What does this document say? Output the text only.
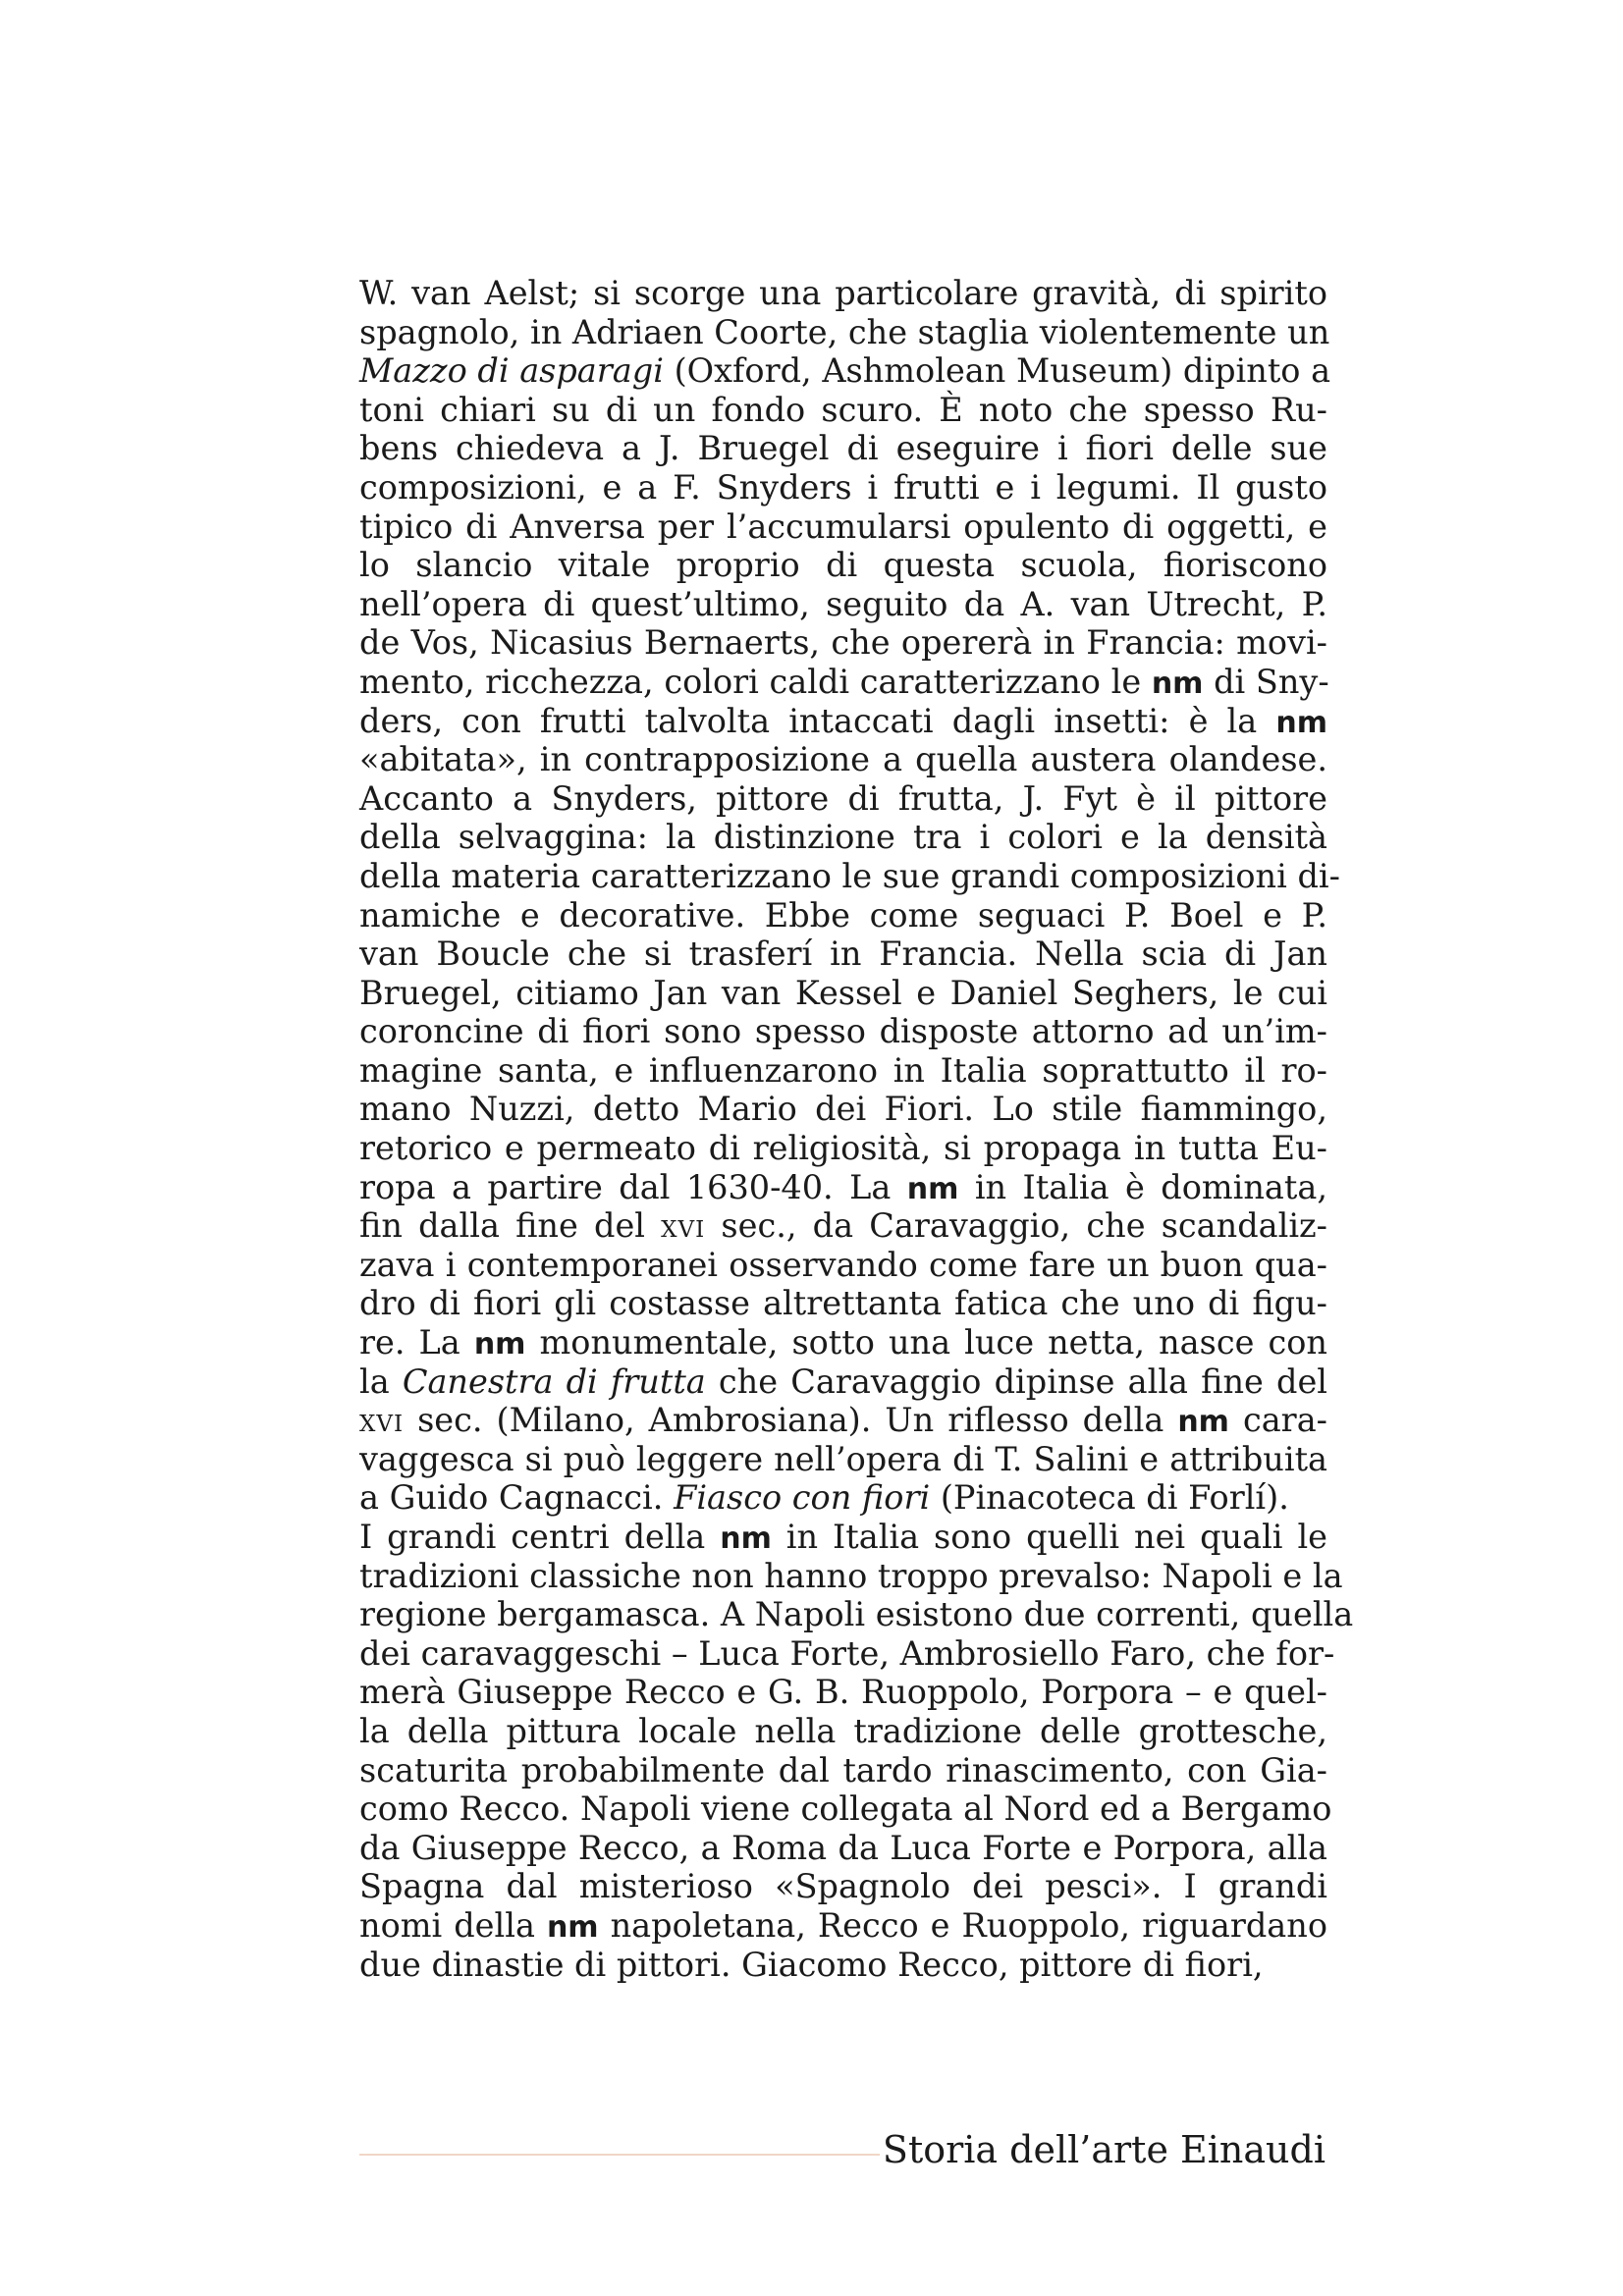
W. van Aelst; si scorge una particolare gravità, di spirito
spagnolo, in Adriaen Coorte, che staglia violentemente un
Mazzo di asparagi (Oxford, Ashmolean Museum) dipinto a
toni chiari su di un fondo scuro. È noto che spesso Ru-
bens chiedeva a J. Bruegel di eseguire i fiori delle sue
composizioni, e a F. Snyders i frutti e i legumi. Il gusto
tipico di Anversa per l’accumularsi opulento di oggetti, e
lo slancio vitale proprio di questa scuola, fioriscono
nell’opera di quest’ultimo, seguito da A. van Utrecht, P.
de Vos, Nicasius Bernaerts, che opererà in Francia: movi-
mento, ricchezza, colori caldi caratterizzano le nm di Sny-
ders, con frutti talvolta intaccati dagli insetti: è la nm
«abitata», in contrapposizione a quella austera olandese.
Accanto a Snyders, pittore di frutta, J. Fyt è il pittore
della selvaggina: la distinzione tra i colori e la densità
della materia caratterizzano le sue grandi composizioni di-
namiche e decorative. Ebbe come seguaci P. Boel e P.
van Boucle che si trasferí in Francia. Nella scia di Jan
Bruegel, citiamo Jan van Kessel e Daniel Seghers, le cui
coroncine di fiori sono spesso disposte attorno ad un’im-
magine santa, e influenzarono in Italia soprattutto il ro-
mano Nuzzi, detto Mario dei Fiori. Lo stile fiammingo,
retorico e permeato di religiosità, si propaga in tutta Eu-
ropa a partire dal 1630-40. La nm in Italia è dominata,
fin dalla fine del xvi sec., da Caravaggio, che scandaliz-
zava i contemporanei osservando come fare un buon qua-
dro di fiori gli costasse altrettanta fatica che uno di figu-
re. La nm monumentale, sotto una luce netta, nasce con
la Canestra di frutta che Caravaggio dipinse alla fine del
xvi sec. (Milano, Ambrosiana). Un riflesso della nm cara-
vaggesca si può leggere nell’opera di T. Salini e attribuita
a Guido Cagnacci. Fiasco con fiori (Pinacoteca di Forlí).
I grandi centri della nm in Italia sono quelli nei quali le
tradizioni classiche non hanno troppo prevalso: Napoli e la
regione bergamasca. A Napoli esistono due correnti, quella
dei caravaggeschi – Luca Forte, Ambrosiello Faro, che for-
merà Giuseppe Recco e G. B. Ruoppolo, Porpora – e quel-
la della pittura locale nella tradizione delle grottesche,
scaturita probabilmente dal tardo rinascimento, con Gia-
como Recco. Napoli viene collegata al Nord ed a Bergamo
da Giuseppe Recco, a Roma da Luca Forte e Porpora, alla
Spagna dal misterioso «Spagnolo dei pesci». I grandi
nomi della nm napoletana, Recco e Ruoppolo, riguardano
due dinastie di pittori. Giacomo Recco, pittore di fiori,
Storia dell’arte Einaudi
